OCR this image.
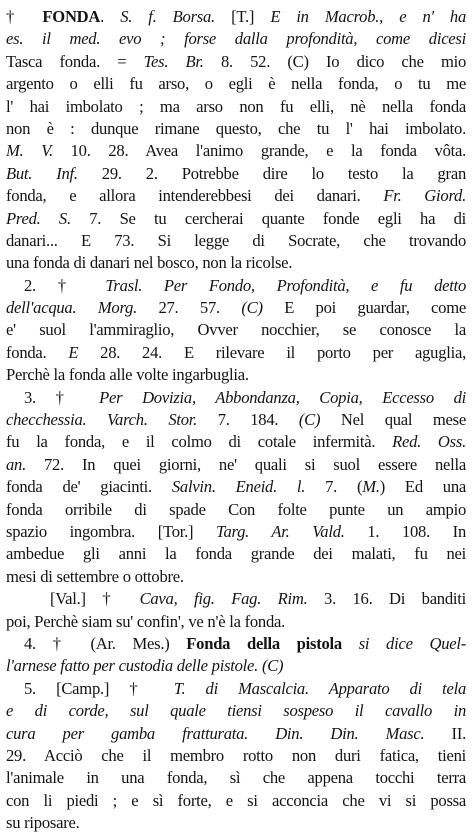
† FONDA. S. f. Borsa. [T.] E in Macrob., e n' ha
es. il med. evo ; forse dalla profondità, come dicesi
Tasca fonda. = Tes. Br. 8. 52. (C) Io dico che mio
argento o elli fu arso, o egli è nella fonda, o tu me
l' hai imbolato ; ma arso non fu elli, nè nella fonda
non è : dunque rimane questo, che tu l' hai imbolato.
M. V. 10. 28. Avea l'animo grande, e la fonda vôta.
But. Inf. 29. 2. Potrebbe dire lo testo la gran
fonda, e allora intenderebbesi dei danari. Fr. Giord.
Pred. S. 7. Se tu cercherai quante fonde egli ha di
danari... E 73. Si legge di Socrate, che trovando
una fonda di danari nel bosco, non la ricolse.
2. † Trasl. Per Fondo, Profondità, e fu detto
dell'acqua. Morg. 27. 57. (C) E poi guardar, come
e' suol l'ammiraglio, Ovver nocchier, se conosce la
fonda. E 28. 24. E rilevare il porto per aguglia,
Perchè la fonda alle volte ingarbuglia.
3. † Per Dovizia, Abbondanza, Copia, Eccesso di
checchessia. Varch. Stor. 7. 184. (C) Nel qual mese
fu la fonda, e il colmo di cotale infermità. Red. Oss.
an. 72. In quei giorni, ne' quali si suol essere nella
fonda de' giacinti. Salvin. Eneid. l. 7. (M.) Ed una
fonda orribile di spade Con folte punte un ampio
spazio ingombra. [Tor.] Targ. Ar. Vald. 1. 108. In
ambedue gli anni la fonda grande dei malati, fu nei
mesi di settembre o ottobre.
[Val.] † Cava, fig. Fag. Rim. 3. 16. Di banditi
poi, Perchè siam su' confin', ve n'è la fonda.
4. † (Ar. Mes.) Fonda della pistola si dice Quel-
l'arnese fatto per custodia delle pistole. (C)
5. [Camp.] † T. di Mascalcia. Apparato di tela
e di corde, sul quale tiensi sospeso il cavallo in
cura per gamba fratturata. Din. Din. Masc. II.
29. Acciò che il membro rotto non duri fatica, tieni
l'animale in una fonda, sì che appena tocchi terra
con li piedi ; e sì forte, e si acconcia che vi si possa
su riposare.
